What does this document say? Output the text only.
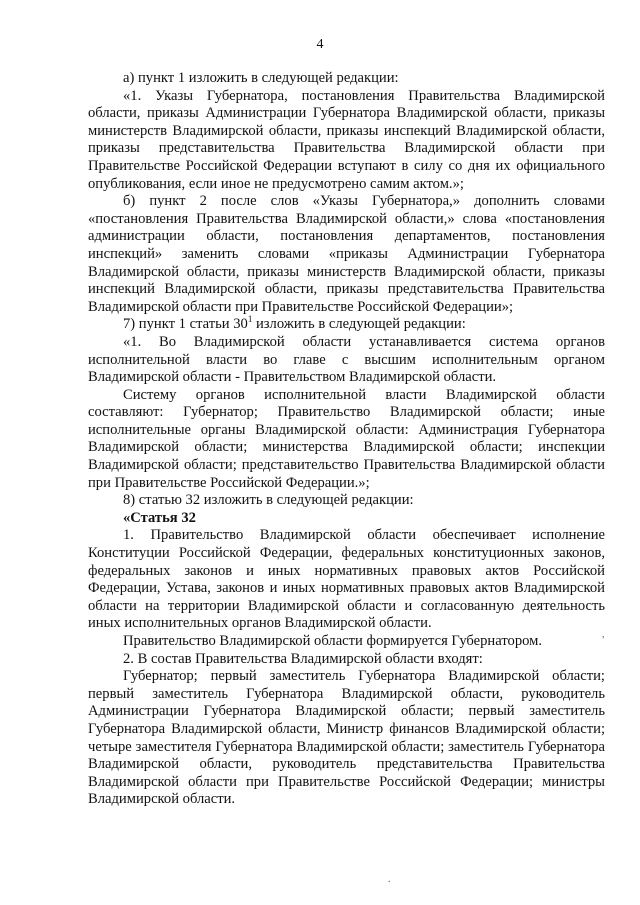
4

а) пункт 1 изложить в следующей редакции:

«1. Указы Губернатора, постановления Правительства Владимирской области, приказы Администрации Губернатора Владимирской области, приказы министерств Владимирской области, приказы инспекций Владимирской области, приказы представительства Правительства Владимирской области при Правительстве Российской Федерации вступают в силу со дня их официального опубликования, если иное не предусмотрено самим актом.»;

б) пункт 2 после слов «Указы Губернатора,» дополнить словами «постановления Правительства Владимирской области,» слова «постановления администрации области, постановления департаментов, постановления инспекций» заменить словами «приказы Администрации Губернатора Владимирской области, приказы министерств Владимирской области, приказы инспекций Владимирской области, приказы представительства Правительства Владимирской области при Правительстве Российской Федерации»;

7) пункт 1 статьи $30^1$ изложить в следующей редакции:

«1. Во Владимирской области устанавливается система органов исполнительной власти во главе с высшим исполнительным органом Владимирской области - Правительством Владимирской области.

Систему органов исполнительной власти Владимирской области составляют: Губернатор; Правительство Владимирской области; иные исполнительные органы Владимирской области: Администрация Губернатора Владимирской области; министерства Владимирской области; инспекции Владимирской области; представительство Правительства Владимирской области при Правительстве Российской Федерации.»;

8) статью 32 изложить в следующей редакции:

«Статья 32

1. Правительство Владимирской области обеспечивает исполнение Конституции Российской Федерации, федеральных конституционных законов, федеральных законов и иных нормативных правовых актов Российской Федерации, Устава, законов и иных нормативных правовых актов Владимирской области на территории Владимирской области и согласованную деятельность иных исполнительных органов Владимирской области.

Правительство Владимирской области формируется Губернатором.

2. В состав Правительства Владимирской области входят:

Губернатор; первый заместитель Губернатора Владимирской области; первый заместитель Губернатора Владимирской области, руководитель Администрации Губернатора Владимирской области; первый заместитель Губернатора Владимирской области, Министр финансов Владимирской области; четыре заместителя Губернатора Владимирской области; заместитель Губернатора Владимирской области, руководитель представительства Правительства Владимирской области при Правительстве Российской Федерации; министры Владимирской области.

,
.
